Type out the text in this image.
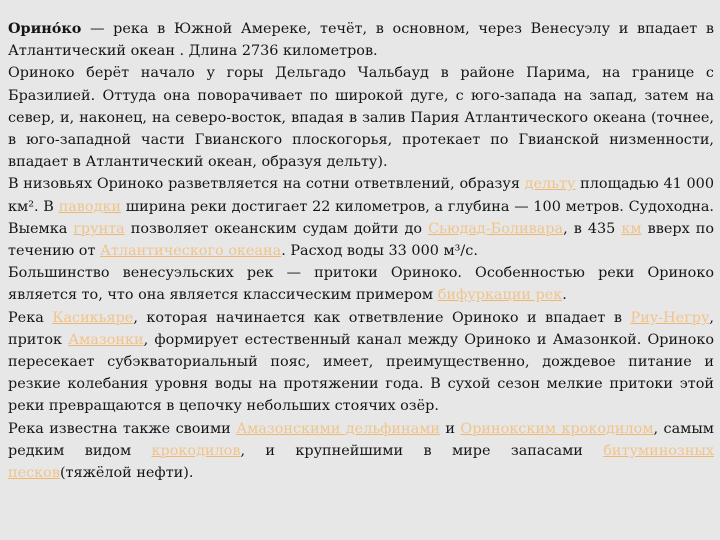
Орино́ко — река в Южной Амереке, течёт, в основном, через Венесуэлу и впадает в Атлантический океан . Длина 2736 километров.

Ориноко берёт начало у горы Дельгадо Чальбауд в районе Парима, на границе с Бразилией. Оттуда она поворачивает по широкой дуге, с юго-запада на запад, затем на север, и, наконец, на северо-восток, впадая в залив Пария Атлантического океана (точнее, в юго-западной части Гвианского плоскогорья, протекает по Гвианской низменности, впадает в Атлантический океан, образуя дельту).

В низовьях Ориноко разветвляется на сотни ответвлений, образуя дельту площадью 41 000 км². В паводки ширина реки достигает 22 километров, а глубина — 100 метров. Судоходна. Выемка грунта позволяет океанским судам дойти до Сьюдад-Боливара, в 435 км вверх по течению от Атлантического океана. Расход воды 33 000 м³/с.

Большинство венесуэльских рек — притоки Ориноко. Особенностью реки Ориноко является то, что она является классическим примером бифуркации рек.

Река Касикьяре, которая начинается как ответвление Ориноко и впадает в Риу-Негру, приток Амазонки, формирует естественный канал между Ориноко и Амазонкой. Ориноко пересекает субэкваториальный пояс, имеет, преимущественно, дождевое питание и резкие колебания уровня воды на протяжении года. В сухой сезон мелкие притоки этой реки превращаются в цепочку небольших стоячих озёр.

Река известна также своими Амазонскими дельфинами и Оринокским крокодилом, самым редким видом крокодилов, и крупнейшими в мире запасами битуминозных песков(тяжёлой нефти).
